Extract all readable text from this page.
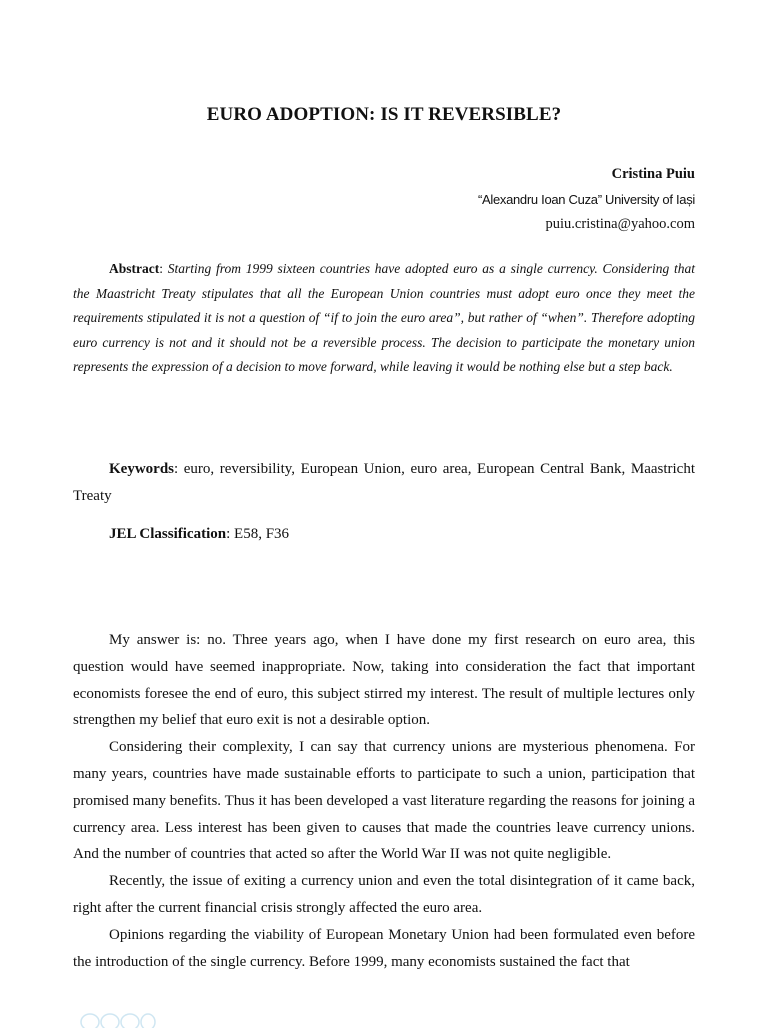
EURO ADOPTION: IS IT REVERSIBLE?
Cristina Puiu
“Alexandru Ioan Cuza” University of Iași
puiu.cristina@yahoo.com

Abstract: Starting from 1999 sixteen countries have adopted euro as a single currency. Considering that the Maastricht Treaty stipulates that all the European Union countries must adopt euro once they meet the requirements stipulated it is not a question of “if to join the euro area”, but rather of “when”. Therefore adopting euro currency is not and it should not be a reversible process. The decision to participate the monetary union represents the expression of a decision to move forward, while leaving it would be nothing else but a step back.

Keywords: euro, reversibility, European Union, euro area, European Central Bank, Maastricht Treaty

JEL Classification: E58, F36

My answer is: no. Three years ago, when I have done my first research on euro area, this question would have seemed inappropriate. Now, taking into consideration the fact that important economists foresee the end of euro, this subject stirred my interest. The result of multiple lectures only strengthen my belief that euro exit is not a desirable option.

Considering their complexity, I can say that currency unions are mysterious phenomena. For many years, countries have made sustainable efforts to participate to such a union, participation that promised many benefits. Thus it has been developed a vast literature regarding the reasons for joining a currency area. Less interest has been given to causes that made the countries leave currency unions. And the number of countries that acted so after the World War II was not quite negligible.

Recently, the issue of exiting a currency union and even the total disintegration of it came back, right after the current financial crisis strongly affected the euro area.

Opinions regarding the viability of European Monetary Union had been formulated even before the introduction of the single currency. Before 1999, many economists sustained the fact that
